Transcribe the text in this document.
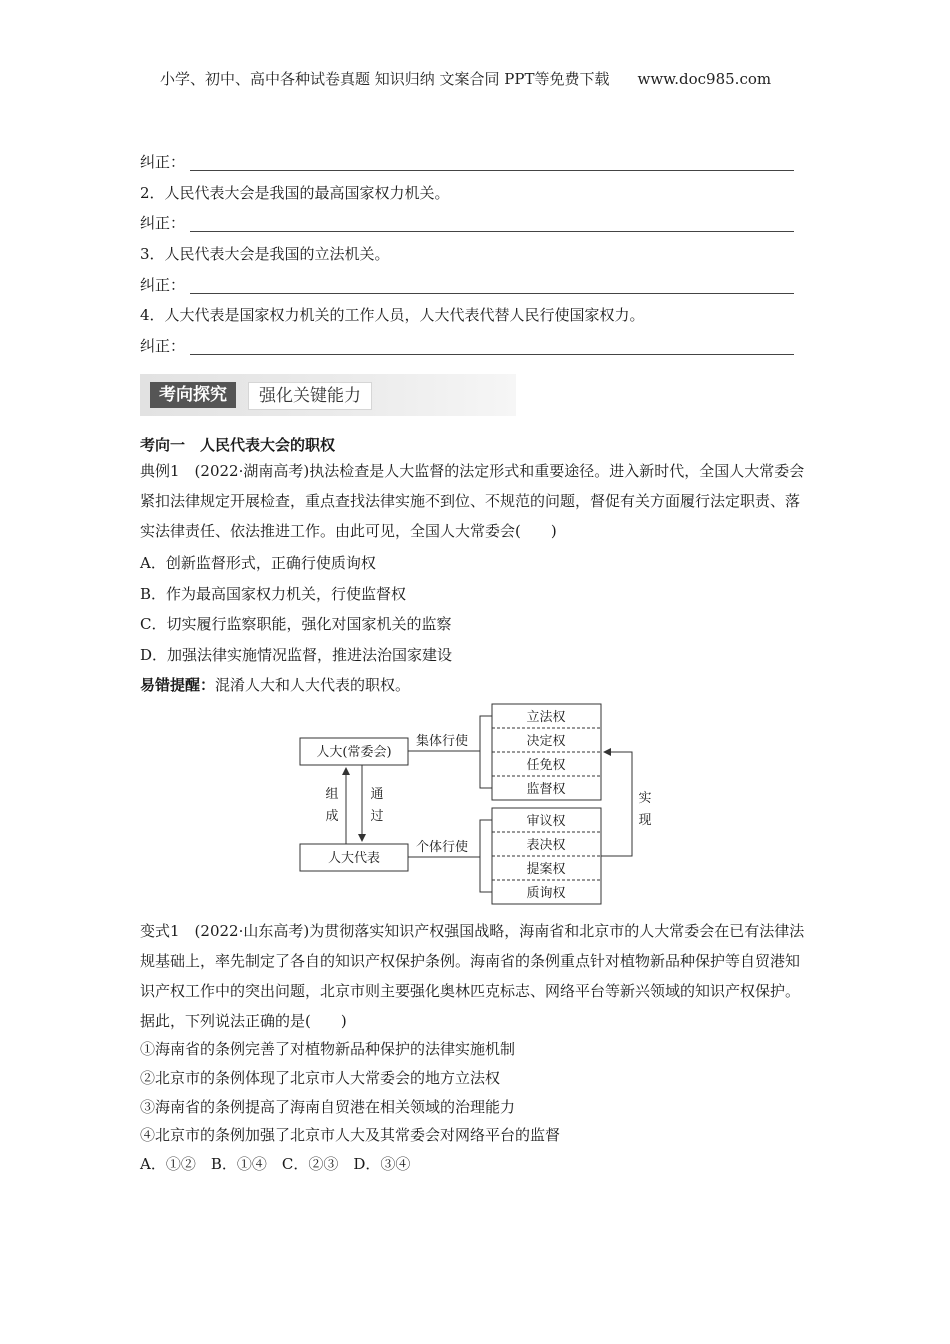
小学、初中、高中各种试卷真题 知识归纳 文案合同 PPT等免费下载 www.doc985.com
纠正：
2．人民代表大会是我国的最高国家权力机关。
纠正：
3．人民代表大会是我国的立法机关。
纠正：
4．人大代表是国家权力机关的工作人员，人大代表代替人民行使国家权力。
纠正：
考向探究	强化关键能力
考向一　人民代表大会的职权
典例1　(2022·湖南高考)执法检查是人大监督的法定形式和重要途径。进入新时代，全国人大常委会紧扣法律规定开展检查，重点查找法律实施不到位、不规范的问题，督促有关方面履行法定职责、落实法律责任、依法推进工作。由此可见，全国人大常委会(　　)
A．创新监督形式，正确行使质询权
B．作为最高国家权力机关，行使监督权
C．切实履行监察职能，强化对国家机关的监察
D．加强法律实施情况监督，推进法治国家建设
易错提醒：混淆人大和人大代表的职权。
人大(常委会)
人大代表
组
成
通
过
集体行使
个体行使
立法权
决定权
任免权
监督权
审议权
表决权
提案权
质询权
实
现
变式1　(2022·山东高考)为贯彻落实知识产权强国战略，海南省和北京市的人大常委会在已有法律法规基础上，率先制定了各自的知识产权保护条例。海南省的条例重点针对植物新品种保护等自贸港知识产权工作中的突出问题，北京市则主要强化奥林匹克标志、网络平台等新兴领域的知识产权保护。据此，下列说法正确的是(　　)
①海南省的条例完善了对植物新品种保护的法律实施机制
②北京市的条例体现了北京市人大常委会的地方立法权
③海南省的条例提高了海南自贸港在相关领域的治理能力
④北京市的条例加强了北京市人大及其常委会对网络平台的监督
A．①②　B．①④　C．②③　D．③④
